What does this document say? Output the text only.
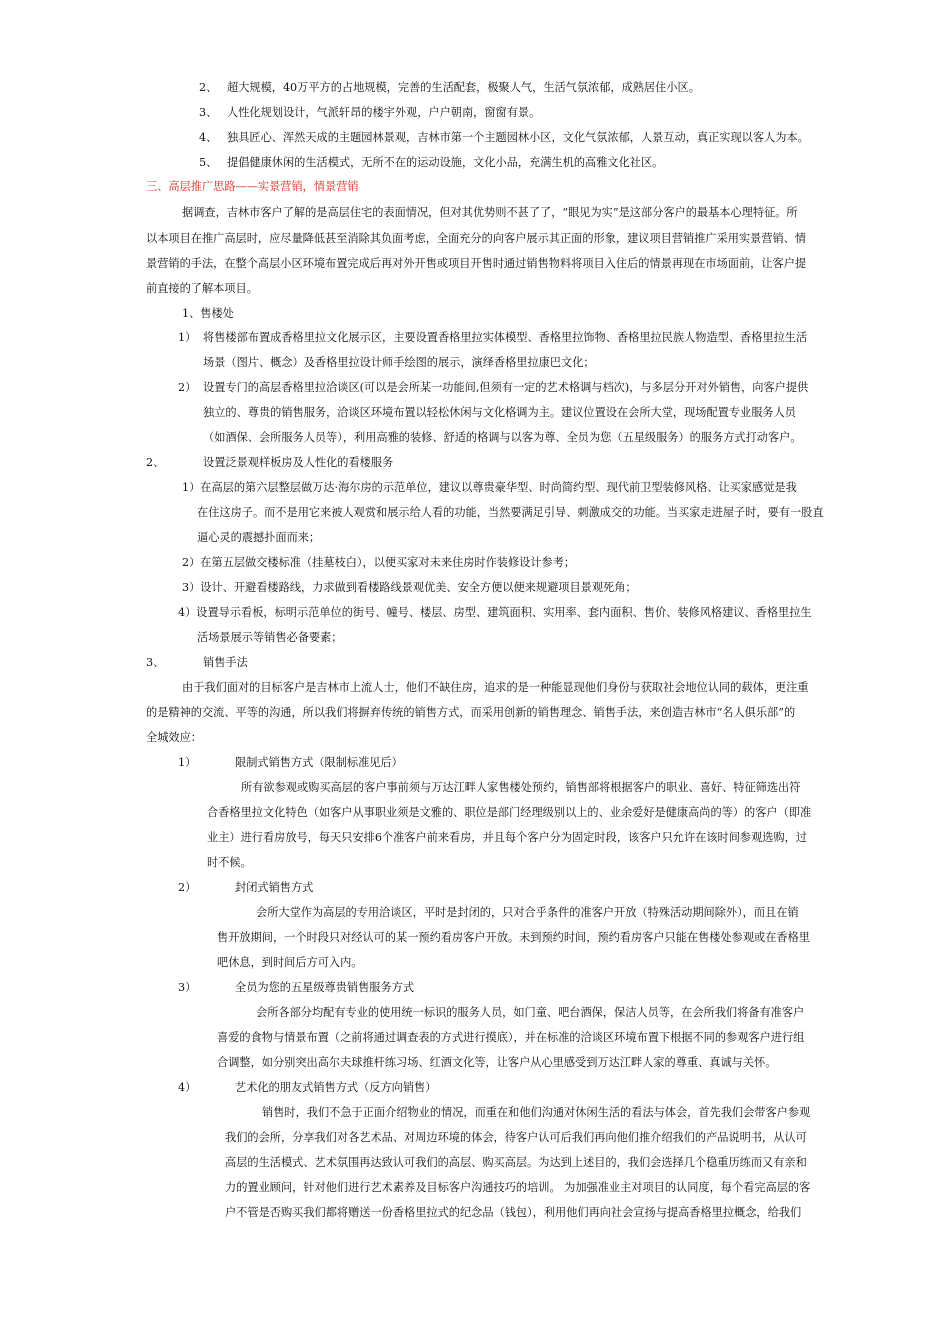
2、 超大规模，40万平方的占地规模，完善的生活配套，极聚人气，生活气氛浓郁，成熟居住小区。
3、 人性化规划设计，气派轩昂的楼宇外观，户户朝南，窗窗有景。
4、 独具匠心、浑然天成的主题园林景观，吉林市第一个主题园林小区，文化气氛浓郁，人景互动，真正实现以客人为本。
5、 提倡健康休闲的生活模式，无所不在的运动设施，文化小品，充满生机的高雅文化社区。
三、高层推广思路——实景营销，情景营销
据调查，吉林市客户了解的是高层住宅的表面情况，但对其优势则不甚了了，“眼见为实”是这部分客户的最基本心理特征。所
以本项目在推广高层时，应尽量降低甚至消除其负面考虑，全面充分的向客户展示其正面的形象，建议项目营销推广采用实景营销、情
景营销的手法，在整个高层小区环境布置完成后再对外开售或项目开售时通过销售物料将项目入住后的情景再现在市场面前，让客户提
前直接的了解本项目。
1、售楼处
1） 将售楼部布置成香格里拉文化展示区，主要设置香格里拉实体模型、香格里拉饰物、香格里拉民族人物造型、香格里拉生活
场景（图片、概念）及香格里拉设计师手绘图的展示，演绎香格里拉康巴文化；
2） 设置专门的高层香格里拉洽谈区(可以是会所某一功能间,但须有一定的艺术格调与档次)，与多层分开对外销售，向客户提供
独立的、尊贵的销售服务，洽谈区环境布置以轻松休闲与文化格调为主。建议位置设在会所大堂，现场配置专业服务人员
（如酒保、会所服务人员等），利用高雅的装修、舒适的格调与以客为尊、全员为您（五星级服务）的服务方式打动客户。
2、	设置泛景观样板房及人性化的看楼服务
1）在高层的第六层整层做万达·海尔房的示范单位，建议以尊贵豪华型、时尚简约型、现代前卫型装修风格、让买家感觉是我
在住这房子。而不是用它来被人观赏和展示给人看的功能，当然要满足引导、刺激成交的功能。当买家走进屋子时，要有一股直
逼心灵的震撼扑面而来；
2）在第五层做交楼标准（挂墓枝白），以便买家对未来住房时作装修设计参考；
3）设计、开避看楼路线，力求做到看楼路线景观优美、安全方便以便来规避项目景观死角；
4）设置导示看板，标明示范单位的街号、幢号、楼层、房型、建筑面积、实用率、套内面积、售价、装修风格建议、香格里拉生
活场景展示等销售必备要素；
3、	销售手法
由于我们面对的目标客户是吉林市上流人士，他们不缺住房，追求的是一种能显现他们身份与获取社会地位认同的载体，更注重
的是精神的交流、平等的沟通，所以我们将摒弃传统的销售方式，而采用创新的销售理念、销售手法，来创造吉林市“名人俱乐部”的
全城效应：
1）	限制式销售方式（限制标准见后）
所有欲参观或购买高层的客户事前须与万达江畔人家售楼处预约，销售部将根据客户的职业、喜好、特征筛选出符
合香格里拉文化特色（如客户从事职业须是文雅的、职位是部门经理级别以上的、业余爱好是健康高尚的等）的客户（即准
业主）进行看房放号，每天只安排6个准客户前来看房，并且每个客户分为固定时段，该客户只允许在该时间参观选购，过
时不候。
2）	封闭式销售方式
会所大堂作为高层的专用洽谈区，平时是封闭的，只对合乎条件的准客户开放（特殊活动期间除外），而且在销
售开放期间，一个时段只对经认可的某一预约看房客户开放。未到预约时间，预约看房客户只能在售楼处参观或在香格里
吧休息，到时间后方可入内。
3）	全员为您的五星级尊贵销售服务方式
会所各部分均配有专业的使用统一标识的服务人员，如门童、吧台酒保，保洁人员等，在会所我们将备有准客户
喜爱的食物与情景布置（之前将通过调查表的方式进行摸底），并在标准的洽谈区环境布置下根据不同的参观客户进行组
合调整，如分别突出高尔夫球推杆练习场、红酒文化等，让客户从心里感受到万达江畔人家的尊重、真诚与关怀。
4）	艺术化的朋友式销售方式（反方向销售）
销售时，我们不急于正面介绍物业的情况，而重在和他们沟通对休闲生活的看法与体会，首先我们会带客户参观
我们的会所，分享我们对各艺术品、对周边环境的体会，待客户认可后我们再向他们推介绍我们的产品说明书，从认可
高层的生活模式、艺术氛围再达致认可我们的高层、购买高层。为达到上述目的，我们会选择几个稳重历练而又有亲和
力的置业顾问，针对他们进行艺术素养及目标客户沟通技巧的培训。 为加强准业主对项目的认同度，每个看完高层的客
户不管是否购买我们都将赠送一份香格里拉式的纪念品（钱包），利用他们再向社会宣扬与提高香格里拉概念，给我们
